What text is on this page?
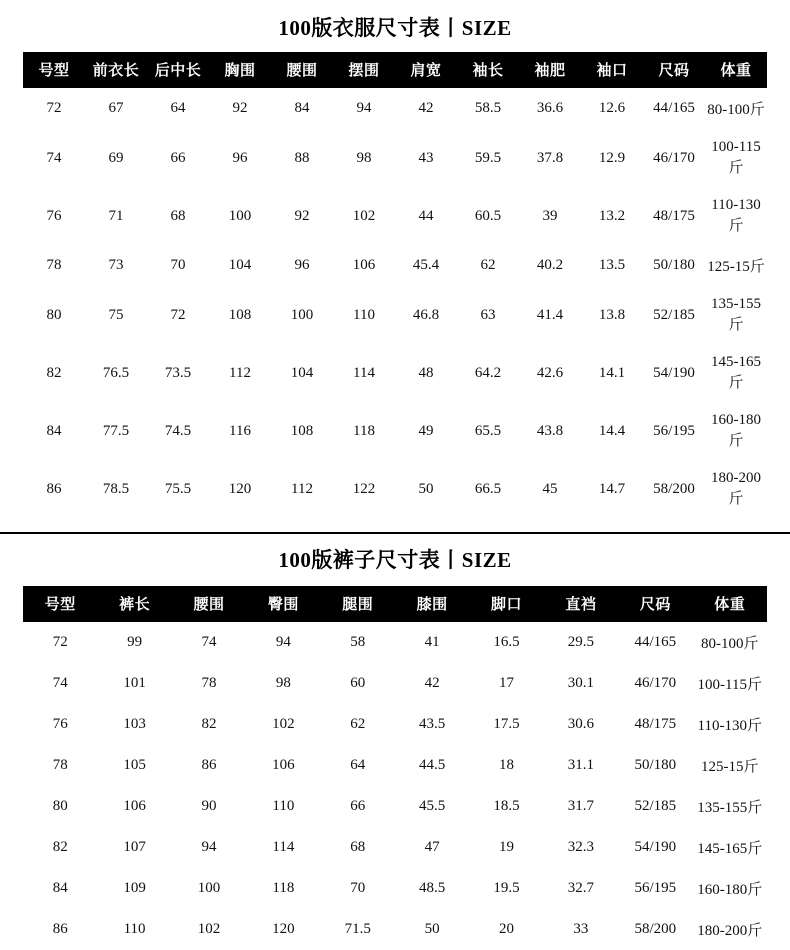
100版衣服尺寸表丨SIZE
号型	前衣长	后中长	胸围	腰围	摆围	肩宽	袖长	袖肥	袖口	尺码	体重
72	67	64	92	84	94	42	58.5	36.6	12.6	44/165	80-100斤
74	69	66	96	88	98	43	59.5	37.8	12.9	46/170	100-115斤
76	71	68	100	92	102	44	60.5	39	13.2	48/175	110-130斤
78	73	70	104	96	106	45.4	62	40.2	13.5	50/180	125-15斤
80	75	72	108	100	110	46.8	63	41.4	13.8	52/185	135-155斤
82	76.5	73.5	112	104	114	48	64.2	42.6	14.1	54/190	145-165斤
84	77.5	74.5	116	108	118	49	65.5	43.8	14.4	56/195	160-180斤
86	78.5	75.5	120	112	122	50	66.5	45	14.7	58/200	180-200斤
100版裤子尺寸表丨SIZE
号型	裤长	腰围	臀围	腿围	膝围	脚口	直裆	尺码	体重
72	99	74	94	58	41	16.5	29.5	44/165	80-100斤
74	101	78	98	60	42	17	30.1	46/170	100-115斤
76	103	82	102	62	43.5	17.5	30.6	48/175	110-130斤
78	105	86	106	64	44.5	18	31.1	50/180	125-15斤
80	106	90	110	66	45.5	18.5	31.7	52/185	135-155斤
82	107	94	114	68	47	19	32.3	54/190	145-165斤
84	109	100	118	70	48.5	19.5	32.7	56/195	160-180斤
86	110	102	120	71.5	50	20	33	58/200	180-200斤
